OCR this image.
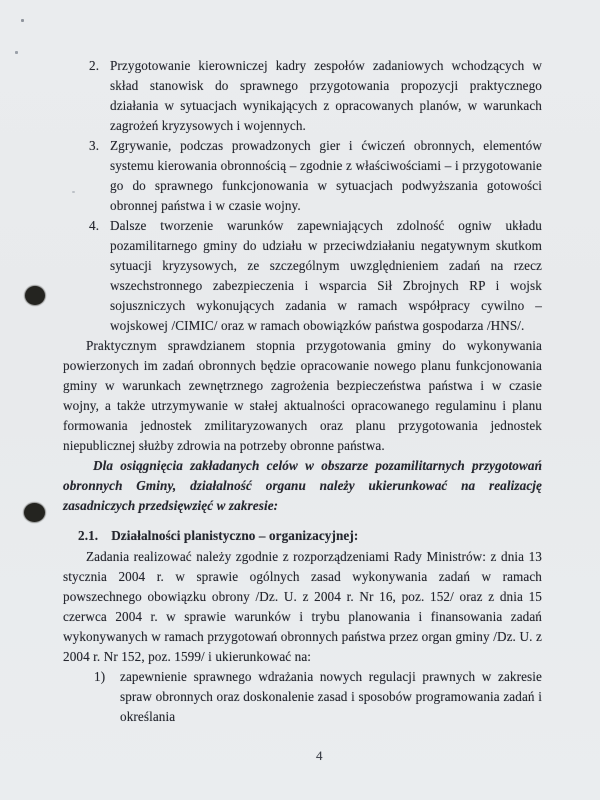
2. Przygotowanie kierowniczej kadry zespołów zadaniowych wchodzących w skład stanowisk do sprawnego przygotowania propozycji praktycznego działania w sytuacjach wynikających z opracowanych planów, w warunkach zagrożeń kryzysowych i wojennych.
3. Zgrywanie, podczas prowadzonych gier i ćwiczeń obronnych, elementów systemu kierowania obronnością – zgodnie z właściwościami – i przygotowanie go do sprawnego funkcjonowania w sytuacjach podwyższania gotowości obronnej państwa i w czasie wojny.
4. Dalsze tworzenie warunków zapewniających zdolność ogniw układu pozamilitarnego gminy do udziału w przeciwdziałaniu negatywnym skutkom sytuacji kryzysowych, ze szczególnym uwzględnieniem zadań na rzecz wszechstronnego zabezpieczenia i wsparcia Sił Zbrojnych RP i wojsk sojuszniczych wykonujących zadania w ramach współpracy cywilno – wojskowej /CIMIC/ oraz w ramach obowiązków państwa gospodarza /HNS/.

Praktycznym sprawdzianem stopnia przygotowania gminy do wykonywania powierzonych im zadań obronnych będzie opracowanie nowego planu funkcjonowania gminy w warunkach zewnętrznego zagrożenia bezpieczeństwa państwa i w czasie wojny, a także utrzymywanie w stałej aktualności opracowanego regulaminu i planu formowania jednostek zmilitaryzowanych oraz planu przygotowania jednostek niepublicznej służby zdrowia na potrzeby obronne państwa.

Dla osiągnięcia zakładanych celów w obszarze pozamilitarnych przygotowań obronnych Gminy, działalność organu należy ukierunkować na realizację zasadniczych przedsięwzięć w zakresie:

2.1. Działalności planistyczno – organizacyjnej:

Zadania realizować należy zgodnie z rozporządzeniami Rady Ministrów: z dnia 13 stycznia 2004 r. w sprawie ogólnych zasad wykonywania zadań w ramach powszechnego obowiązku obrony /Dz. U. z 2004 r. Nr 16, poz. 152/ oraz z dnia 15 czerwca 2004 r. w sprawie warunków i trybu planowania i finansowania zadań wykonywanych w ramach przygotowań obronnych państwa przez organ gminy /Dz. U. z 2004 r. Nr 152, poz. 1599/ i ukierunkować na:

1) zapewnienie sprawnego wdrażania nowych regulacji prawnych w zakresie spraw obronnych oraz doskonalenie zasad i sposobów programowania zadań i określania
4
